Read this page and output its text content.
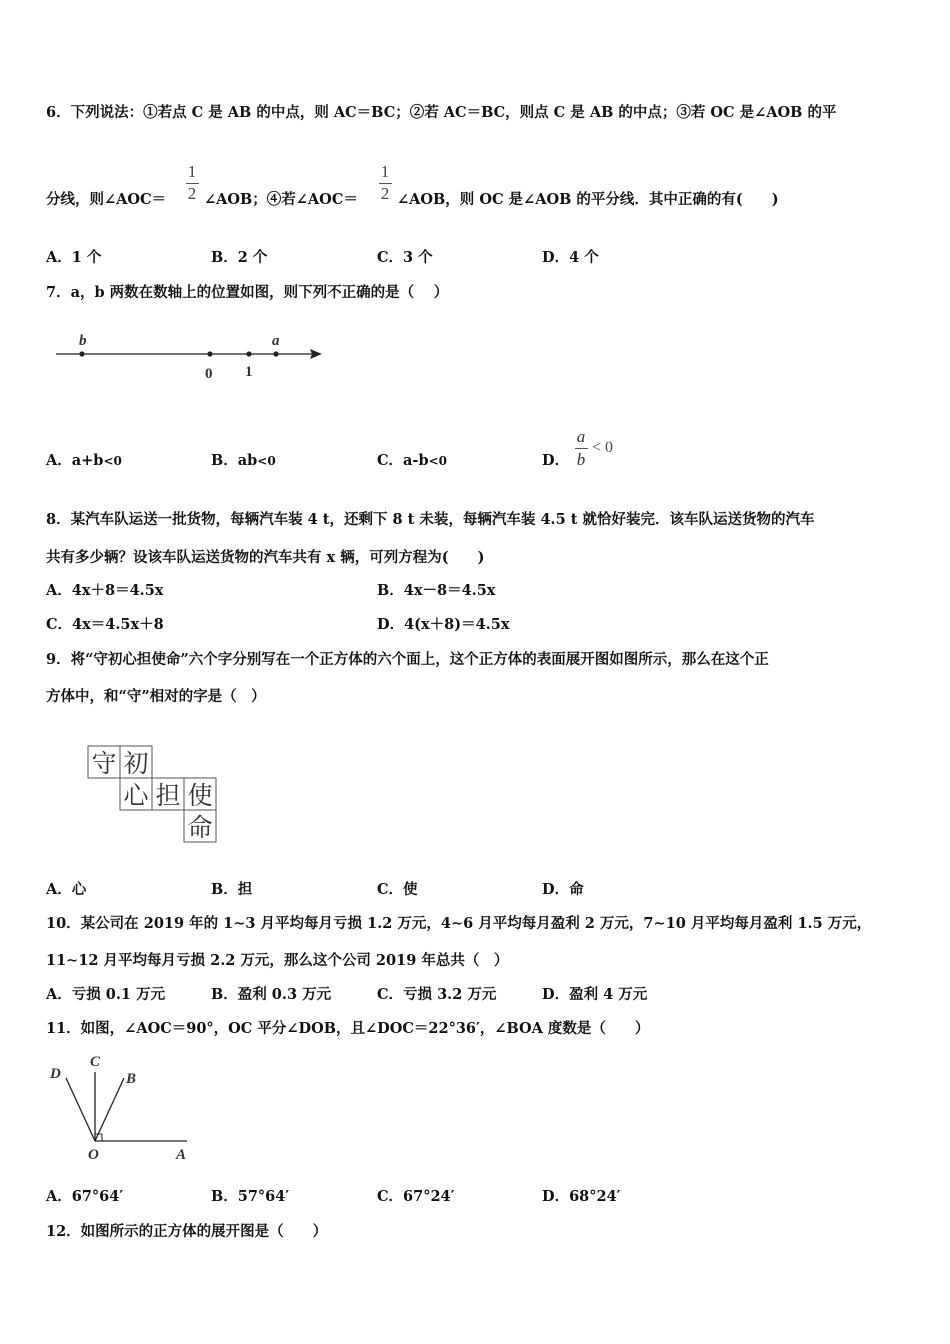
6．下列说法：①若点 C 是 AB 的中点，则 AC＝BC；②若 AC＝BC，则点 C 是 AB 的中点；③若 OC 是∠AOB 的平
1
2
1
2
分线，则∠AOC＝	∠AOB；④若∠AOC＝	∠AOB，则 OC 是∠AOB 的平分线．其中正确的有(　　)
A．1 个	B．2 个	C．3 个	D．4 个
7．a，b 两数在数轴上的位置如图，则下列不正确的是（　 ）
b	a
0 1
A．a+b<0	B．ab<0	C．a-b<0	D．
a
b
< 0
8．某汽车队运送一批货物，每辆汽车装 4 t，还剩下 8 t 未装，每辆汽车装 4.5 t 就恰好装完．该车队运送货物的汽车
共有多少辆？设该车队运送货物的汽车共有 x 辆，可列方程为(　　)
A．4x＋8＝4.5x	B．4x－8＝4.5x
C．4x＝4.5x＋8	D．4(x＋8)＝4.5x
9．将“守初心担使命”六个字分别写在一个正方体的六个面上，这个正方体的表面展开图如图所示，那么在这个正
方体中，和“守”相对的字是（　）
守 初
心 担 使
命
A．心	B．担	C．使	D．命
10．某公司在 2019 年的 1∼3 月平均每月亏损 1.2 万元，4∼6 月平均每月盈利 2 万元，7∼10 月平均每月盈利 1.5 万元，
11∼12 月平均每月亏损 2.2 万元，那么这个公司 2019 年总共（　）
A．亏损 0.1 万元	B．盈利 0.3 万元	C．亏损 3.2 万元	D．盈利 4 万元
11．如图，∠AOC＝90°，OC 平分∠DOB，且∠DOC＝22°36′，∠BOA 度数是（　　）
D
C
B
O	A
A．67°64′	B．57°64′	C．67°24′	D．68°24′
12．如图所示的正方体的展开图是（　　）
